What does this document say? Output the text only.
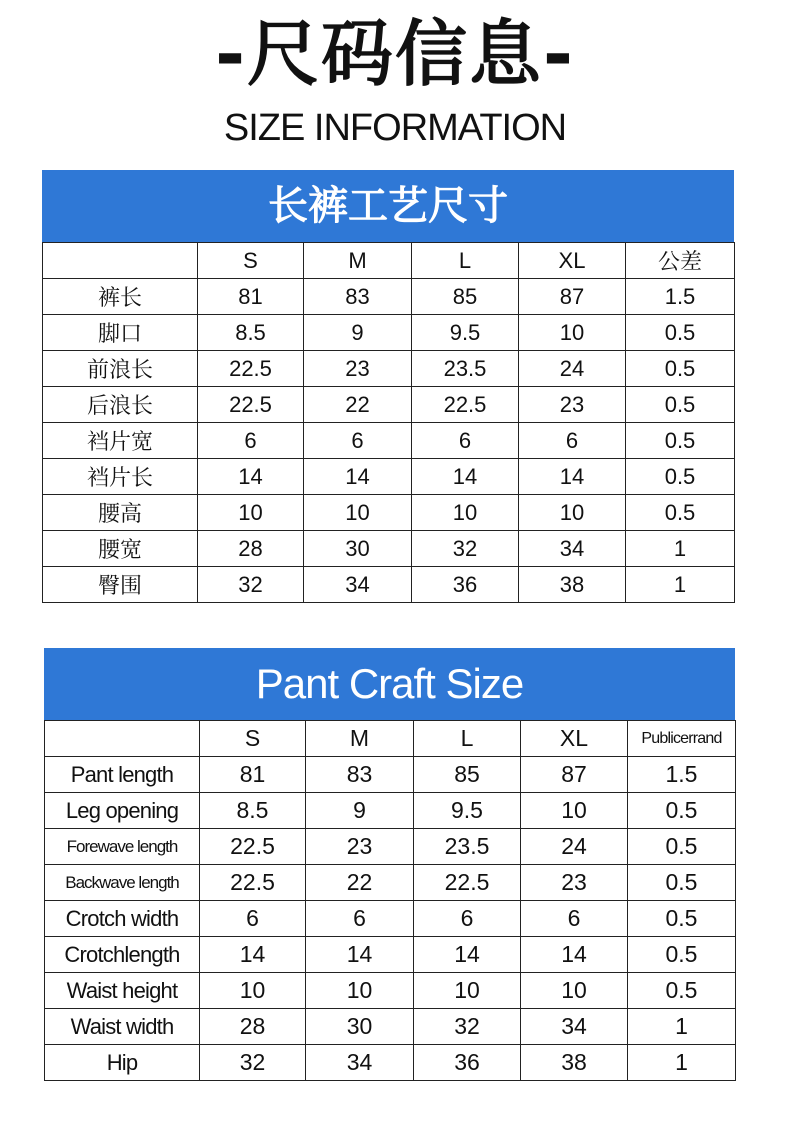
-尺码信息-
SIZE INFORMATION
长裤工艺尺寸
	S	M	L	XL	公差
裤长	81	83	85	87	1.5
脚口	8.5	9	9.5	10	0.5
前浪长	22.5	23	23.5	24	0.5
后浪长	22.5	22	22.5	23	0.5
裆片宽	6	6	6	6	0.5
裆片长	14	14	14	14	0.5
腰高	10	10	10	10	0.5
腰宽	28	30	32	34	1
臀围	32	34	36	38	1
Pant Craft Size
	S	M	L	XL	Publicerrand
Pant length	81	83	85	87	1.5
Leg opening	8.5	9	9.5	10	0.5
Forewave length	22.5	23	23.5	24	0.5
Backwave length	22.5	22	22.5	23	0.5
Crotch width	6	6	6	6	0.5
Crotchlength	14	14	14	14	0.5
Waist height	10	10	10	10	0.5
Waist width	28	30	32	34	1
Hip	32	34	36	38	1
